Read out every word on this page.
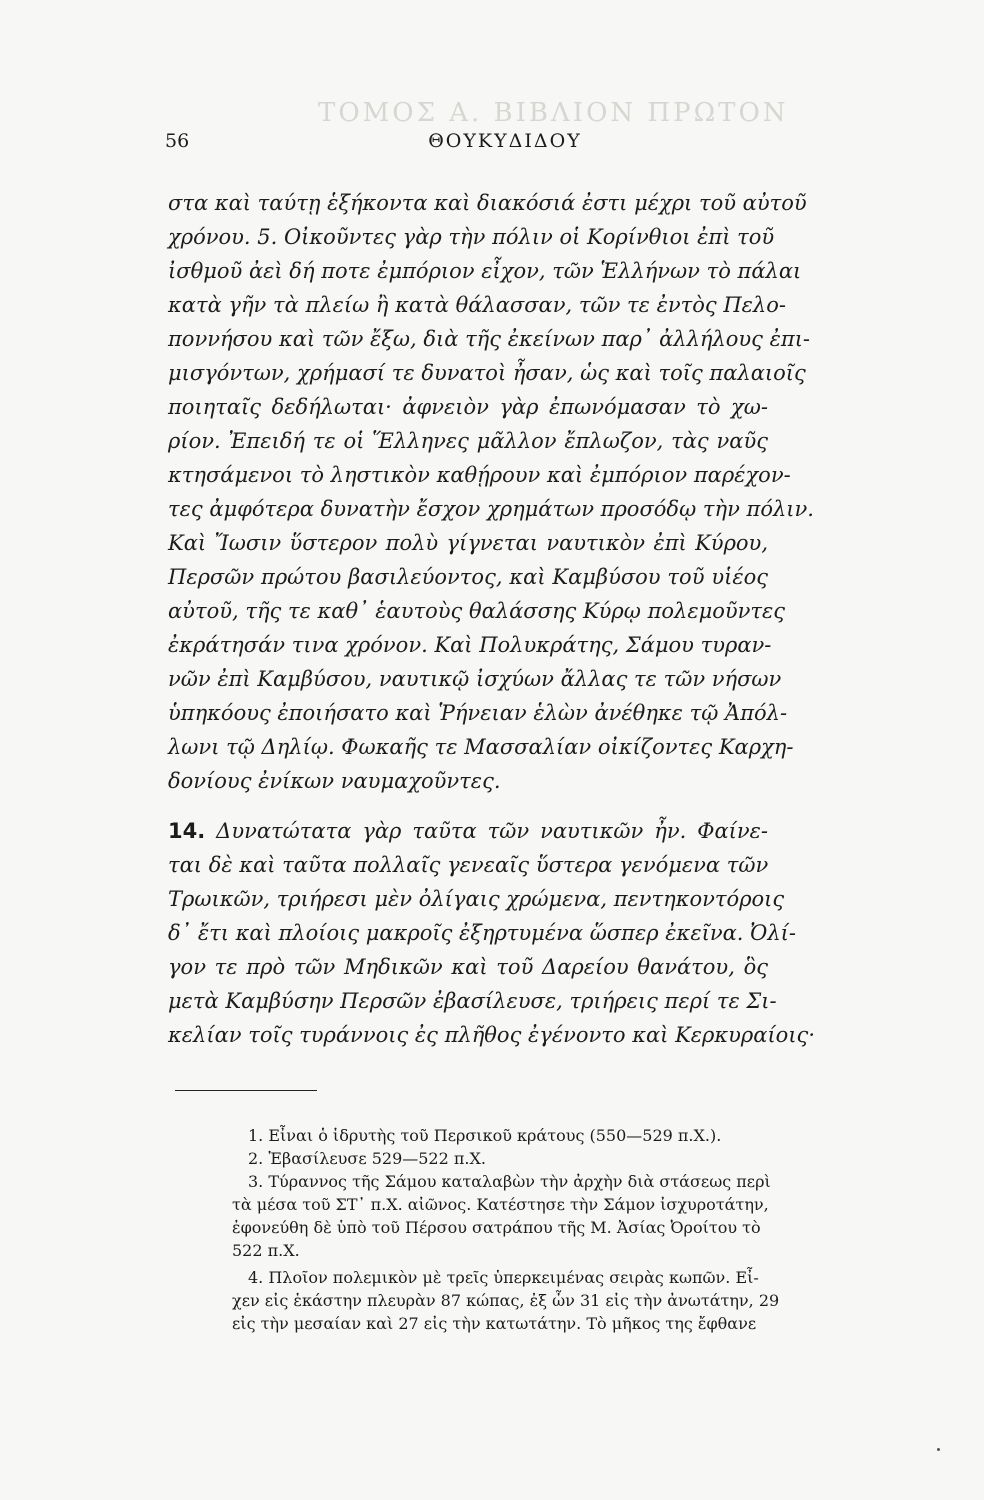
ΤΟΜΟΣ Α. ΒΙΒΛΙΟΝ ΠΡΩΤΟΝ
56	ΘΟΥΚΥΔΙΔΟΥ
στα καὶ ταύτῃ ἑξήκοντα καὶ διακόσιά ἐστι μέχρι τοῦ αὐτοῦ
χρόνου. 5. Οἰκοῦντες γὰρ τὴν πόλιν οἱ Κορίνθιοι ἐπὶ τοῦ
ἰσθμοῦ ἀεὶ δή ποτε ἐμπόριον εἶχον, τῶν Ἑλλήνων τὸ πάλαι
κατὰ γῆν τὰ πλείω ἢ κατὰ θάλασσαν, τῶν τε ἐντὸς Πελο-
ποννήσου καὶ τῶν ἔξω, διὰ τῆς ἐκείνων παρ᾽ ἀλλήλους ἐπι-
μισγόντων, χρήμασί τε δυνατοὶ ἦσαν, ὡς καὶ τοῖς παλαιοῖς
ποιηταῖς δεδήλωται· ἀφνειὸν γὰρ ἐπωνόμασαν τὸ χω-
ρίον. Ἐπειδή τε οἱ Ἕλληνες μᾶλλον ἔπλωζον, τὰς ναῦς
κτησάμενοι τὸ ληστικὸν καθῄρουν καὶ ἐμπόριον παρέχον-
τες ἀμφότερα δυνατὴν ἔσχον χρημάτων προσόδῳ τὴν πόλιν.
Καὶ Ἴωσιν ὕστερον πολὺ γίγνεται ναυτικὸν ἐπὶ Κύρου,
Περσῶν πρώτου βασιλεύοντος, καὶ Καμβύσου τοῦ υἱέος
αὐτοῦ, τῆς τε καθ᾽ ἑαυτοὺς θαλάσσης Κύρῳ πολεμοῦντες
ἐκράτησάν τινα χρόνον. Καὶ Πολυκράτης, Σάμου τυραν-
νῶν ἐπὶ Καμβύσου, ναυτικῷ ἰσχύων ἄλλας τε τῶν νήσων
ὑπηκόους ἐποιήσατο καὶ Ῥήνειαν ἑλὼν ἀνέθηκε τῷ Ἀπόλ-
λωνι τῷ Δηλίῳ. Φωκαῆς τε Μασσαλίαν οἰκίζοντες Καρχη-
δονίους ἐνίκων ναυμαχοῦντες.
14. Δυνατώτατα γὰρ ταῦτα τῶν ναυτικῶν ἦν. Φαίνε-
ται δὲ καὶ ταῦτα πολλαῖς γενεαῖς ὕστερα γενόμενα τῶν
Τρωικῶν, τριήρεσι μὲν ὀλίγαις χρώμενα, πεντηκοντόροις
δ᾽ ἔτι καὶ πλοίοις μακροῖς ἐξηρτυμένα ὥσπερ ἐκεῖνα. Ὀλί-
γον τε πρὸ τῶν Μηδικῶν καὶ τοῦ Δαρείου θανάτου, ὃς
μετὰ Καμβύσην Περσῶν ἐβασίλευσε, τριήρεις περί τε Σι-
κελίαν τοῖς τυράννοις ἐς πλῆθος ἐγένοντο καὶ Κερκυραίοις·
1. Εἶναι ὁ ἱδρυτὴς τοῦ Περσικοῦ κράτους (550—529 π.Χ.).
2. Ἐβασίλευσε 529—522 π.Χ.
3. Τύραννος τῆς Σάμου καταλαβὼν τὴν ἀρχὴν διὰ στάσεως περὶ
τὰ μέσα τοῦ ΣΤ᾽ π.Χ. αἰῶνος. Κατέστησε τὴν Σάμον ἰσχυροτάτην,
ἐφονεύθη δὲ ὑπὸ τοῦ Πέρσου σατράπου τῆς Μ. Ἀσίας Ὀροίτου τὸ
522 π.Χ.
4. Πλοῖον πολεμικὸν μὲ τρεῖς ὑπερκειμένας σειρὰς κωπῶν. Εἶ-
χεν εἰς ἑκάστην πλευρὰν 87 κώπας, ἐξ ὧν 31 εἰς τὴν ἀνωτάτην, 29
εἰς τὴν μεσαίαν καὶ 27 εἰς τὴν κατωτάτην. Τὸ μῆκος της ἔφθανε
